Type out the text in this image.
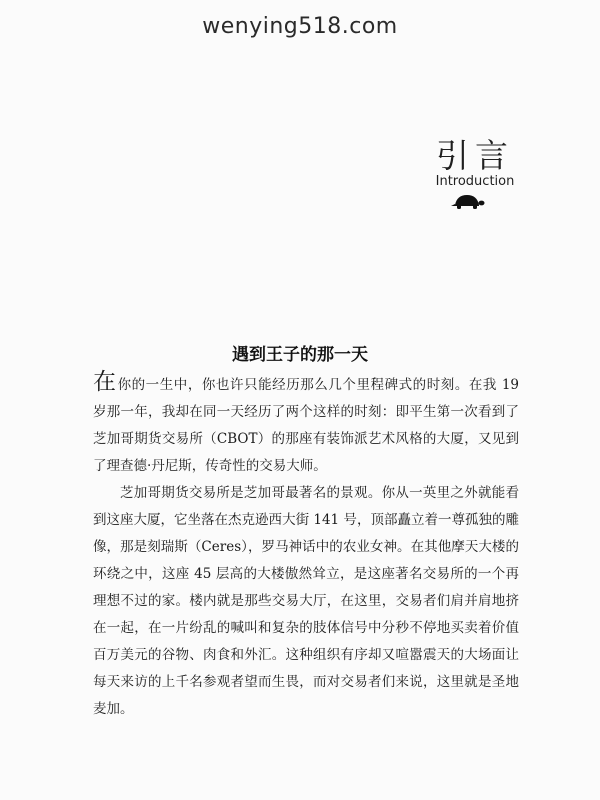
wenying518.com
引言
Introduction
遇到王子的那一天

在你的一生中，你也许只能经历那么几个里程碑式的时刻。在我 19 岁那一年，我却在同一天经历了两个这样的时刻：即平生第一次看到了芝加哥期货交易所（CBOT）的那座有装饰派艺术风格的大厦，又见到了理查德·丹尼斯，传奇性的交易大师。

芝加哥期货交易所是芝加哥最著名的景观。你从一英里之外就能看到这座大厦，它坐落在杰克逊西大街 141 号，顶部矗立着一尊孤独的雕像，那是刻瑞斯（Ceres），罗马神话中的农业女神。在其他摩天大楼的环绕之中，这座 45 层高的大楼傲然耸立，是这座著名交易所的一个再理想不过的家。楼内就是那些交易大厅，在这里，交易者们肩并肩地挤在一起，在一片纷乱的喊叫和复杂的肢体信号中分秒不停地买卖着价值百万美元的谷物、肉食和外汇。这种组织有序却又喧嚣震天的大场面让每天来访的上千名参观者望而生畏，而对交易者们来说，这里就是圣地麦加。
